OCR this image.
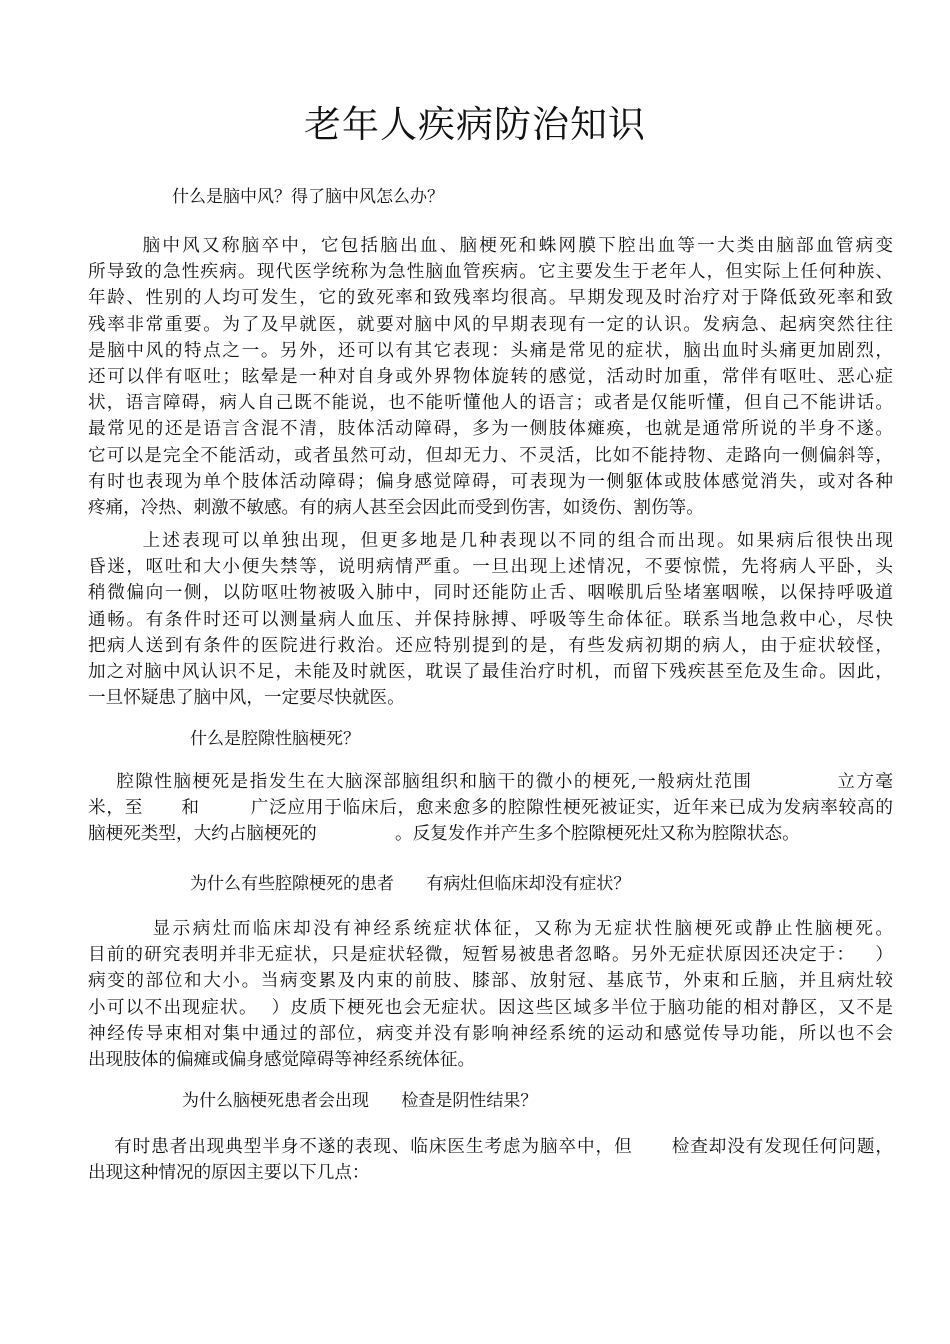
老年人疾病防治知识

什么是脑中风？得了脑中风怎么办？

脑中风又称脑卒中，它包括脑出血、脑梗死和蛛网膜下腔出血等一大类由脑部血管病变
所导致的急性疾病。现代医学统称为急性脑血管疾病。它主要发生于老年人，但实际上任何种族、
年龄、性别的人均可发生，它的致死率和致残率均很高。早期发现及时治疗对于降低致死率和致
残率非常重要。为了及早就医，就要对脑中风的早期表现有一定的认识。发病急、起病突然往往
是脑中风的特点之一。另外，还可以有其它表现：头痛是常见的症状，脑出血时头痛更加剧烈，
还可以伴有呕吐；眩晕是一种对自身或外界物体旋转的感觉，活动时加重，常伴有呕吐、恶心症
状，语言障碍，病人自己既不能说，也不能听懂他人的语言；或者是仅能听懂，但自己不能讲话。
最常见的还是语言含混不清，肢体活动障碍，多为一侧肢体瘫痪，也就是通常所说的半身不遂。
它可以是完全不能活动，或者虽然可动，但却无力、不灵活，比如不能持物、走路向一侧偏斜等，
有时也表现为单个肢体活动障碍；偏身感觉障碍，可表现为一侧躯体或肢体感觉消失，或对各种
疼痛，冷热、刺激不敏感。有的病人甚至会因此而受到伤害，如烫伤、割伤等。
上述表现可以单独出现，但更多地是几种表现以不同的组合而出现。如果病后很快出现
昏迷，呕吐和大小便失禁等，说明病情严重。一旦出现上述情况，不要惊慌，先将病人平卧，头
稍微偏向一侧，以防呕吐物被吸入肺中，同时还能防止舌、咽喉肌后坠堵塞咽喉，以保持呼吸道
通畅。有条件时还可以测量病人血压、并保持脉搏、呼吸等生命体征。联系当地急救中心，尽快
把病人送到有条件的医院进行救治。还应特别提到的是，有些发病初期的病人，由于症状较怪，
加之对脑中风认识不足，未能及时就医，耽误了最佳治疗时机，而留下残疾甚至危及生命。因此，
一旦怀疑患了脑中风，一定要尽快就医。

什么是腔隙性脑梗死？

腔隙性脑梗死是指发生在大脑深部脑组织和脑干的微小的梗死,一般病灶范围            立方毫
米，至      和        广泛应用于临床后，愈来愈多的腔隙性梗死被证实，近年来已成为发病率较高的
脑梗死类型，大约占脑梗死的              。反复发作并产生多个腔隙梗死灶又称为腔隙状态。

为什么有些腔隙梗死的患者      有病灶但临床却没有症状？

显示病灶而临床却没有神经系统症状体征，又称为无症状性脑梗死或静止性脑梗死。
目前的研究表明并非无症状，只是症状轻微，短暂易被患者忽略。另外无症状原因还决定于：   ）
病变的部位和大小。当病变累及内束的前肢、膝部、放射冠、基底节，外束和丘脑，并且病灶较
小可以不出现症状。  ）皮质下梗死也会无症状。因这些区域多半位于脑功能的相对静区，又不是
神经传导束相对集中通过的部位，病变并没有影响神经系统的运动和感觉传导功能，所以也不会
出现肢体的偏瘫或偏身感觉障碍等神经系统体征。

为什么脑梗死患者会出现      检查是阴性结果？

有时患者出现典型半身不遂的表现、临床医生考虑为脑卒中，但      检查却没有发现任何问题，
出现这种情况的原因主要以下几点：
